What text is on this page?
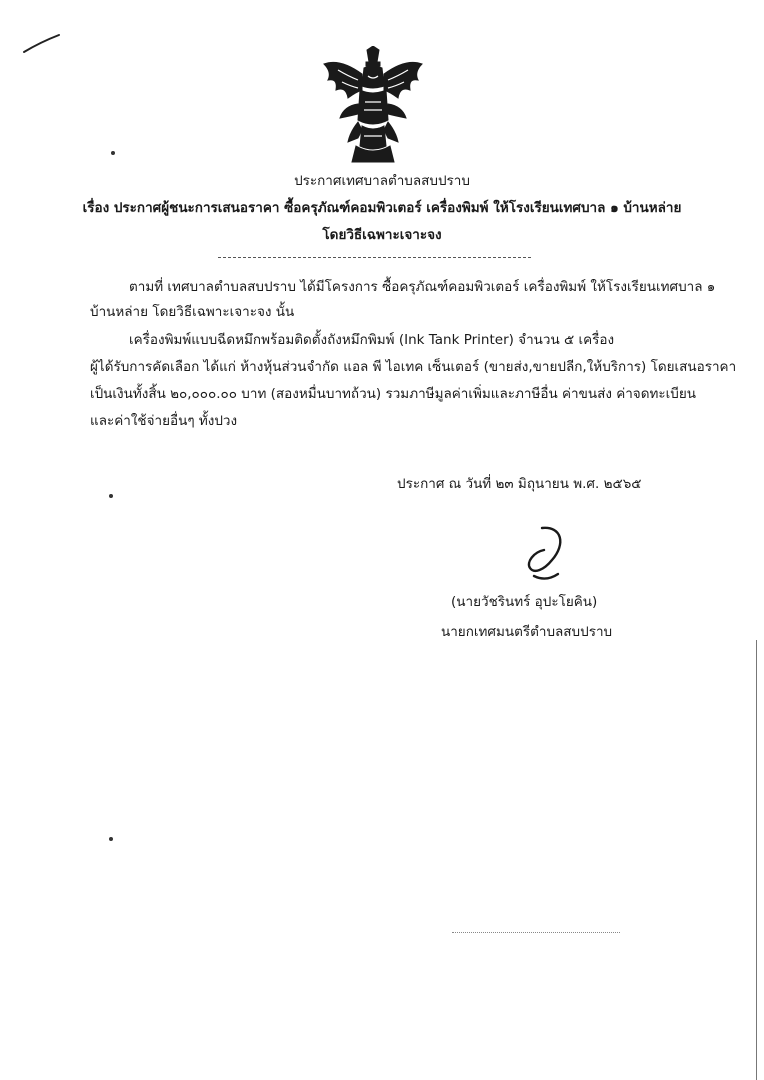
ประกาศเทศบาลตำบลสบปราบ
เรื่อง ประกาศผู้ชนะการเสนอราคา ซื้อครุภัณฑ์คอมพิวเตอร์ เครื่องพิมพ์ ให้โรงเรียนเทศบาล ๑ บ้านหล่าย
โดยวิธีเฉพาะเจาะจง
ตามที่ เทศบาลตำบลสบปราบ ได้มีโครงการ ซื้อครุภัณฑ์คอมพิวเตอร์ เครื่องพิมพ์ ให้โรงเรียนเทศบาล ๑
บ้านหล่าย โดยวิธีเฉพาะเจาะจง นั้น
เครื่องพิมพ์แบบฉีดหมึกพร้อมติดตั้งถังหมึกพิมพ์ (Ink Tank Printer) จำนวน ๕ เครื่อง
ผู้ได้รับการคัดเลือก ได้แก่ ห้างหุ้นส่วนจำกัด แอล พี ไอเทค เซ็นเตอร์ (ขายส่ง,ขายปลีก,ให้บริการ) โดยเสนอราคา
เป็นเงินทั้งสิ้น ๒๐,๐๐๐.๐๐ บาท (สองหมื่นบาทถ้วน) รวมภาษีมูลค่าเพิ่มและภาษีอื่น ค่าขนส่ง ค่าจดทะเบียน
และค่าใช้จ่ายอื่นๆ ทั้งปวง
ประกาศ ณ วันที่ ๒๓ มิถุนายน พ.ศ. ๒๕๖๕
(นายวัชรินทร์ อุปะโยคิน)
นายกเทศมนตรีตำบลสบปราบ
